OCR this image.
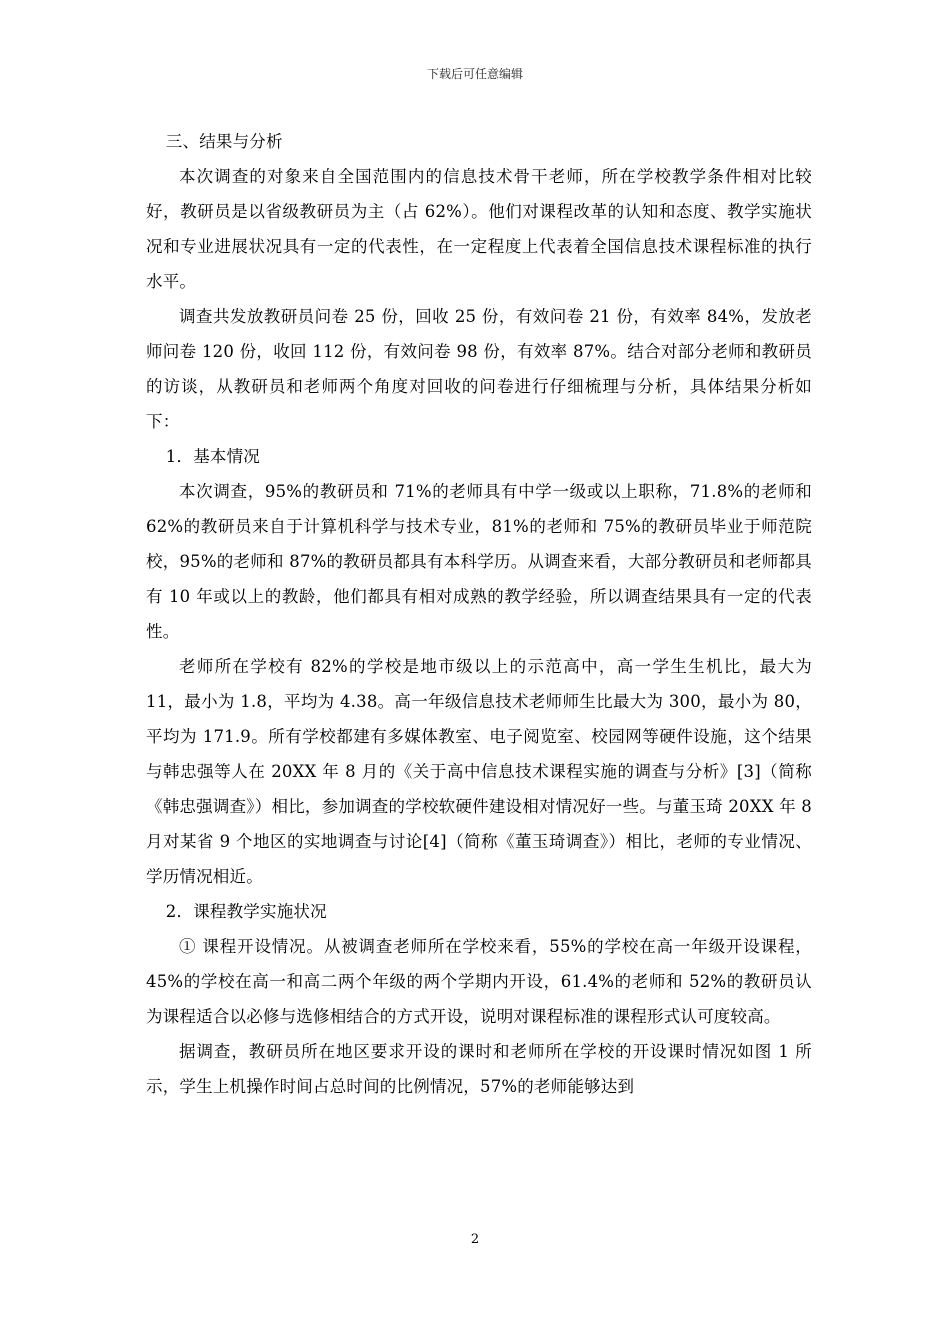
下载后可任意编辑

三、结果与分析

本次调查的对象来自全国范围内的信息技术骨干老师，所在学校教学条件相对比较好，教研员是以省级教研员为主（占 62%）。他们对课程改革的认知和态度、教学实施状况和专业进展状况具有一定的代表性，在一定程度上代表着全国信息技术课程标准的执行水平。

调查共发放教研员问卷 25 份，回收 25 份，有效问卷 21 份，有效率 84%，发放老师问卷 120 份，收回 112 份，有效问卷 98 份，有效率 87%。结合对部分老师和教研员的访谈，从教研员和老师两个角度对回收的问卷进行仔细梳理与分析，具体结果分析如下：

1．基本情况

本次调查，95%的教研员和 71%的老师具有中学一级或以上职称，71.8%的老师和 62%的教研员来自于计算机科学与技术专业，81%的老师和 75%的教研员毕业于师范院校，95%的老师和 87%的教研员都具有本科学历。从调查来看，大部分教研员和老师都具有 10 年或以上的教龄，他们都具有相对成熟的教学经验，所以调查结果具有一定的代表性。

老师所在学校有 82%的学校是地市级以上的示范高中，高一学生生机比，最大为 11，最小为 1.8，平均为 4.38。高一年级信息技术老师师生比最大为 300，最小为 80，平均为 171.9。所有学校都建有多媒体教室、电子阅览室、校园网等硬件设施，这个结果与韩忠强等人在 20XX 年 8 月的《关于高中信息技术课程实施的调查与分析》[3]（简称《韩忠强调查》）相比，参加调查的学校软硬件建设相对情况好一些。与董玉琦 20XX 年 8 月对某省 9 个地区的实地调查与讨论[4]（简称《董玉琦调查》）相比，老师的专业情况、学历情况相近。

2．课程教学实施状况

① 课程开设情况。从被调查老师所在学校来看，55%的学校在高一年级开设课程，45%的学校在高一和高二两个年级的两个学期内开设，61.4%的老师和 52%的教研员认为课程适合以必修与选修相结合的方式开设，说明对课程标准的课程形式认可度较高。

据调查，教研员所在地区要求开设的课时和老师所在学校的开设课时情况如图 1 所示，学生上机操作时间占总时间的比例情况，57%的老师能够达到

2
